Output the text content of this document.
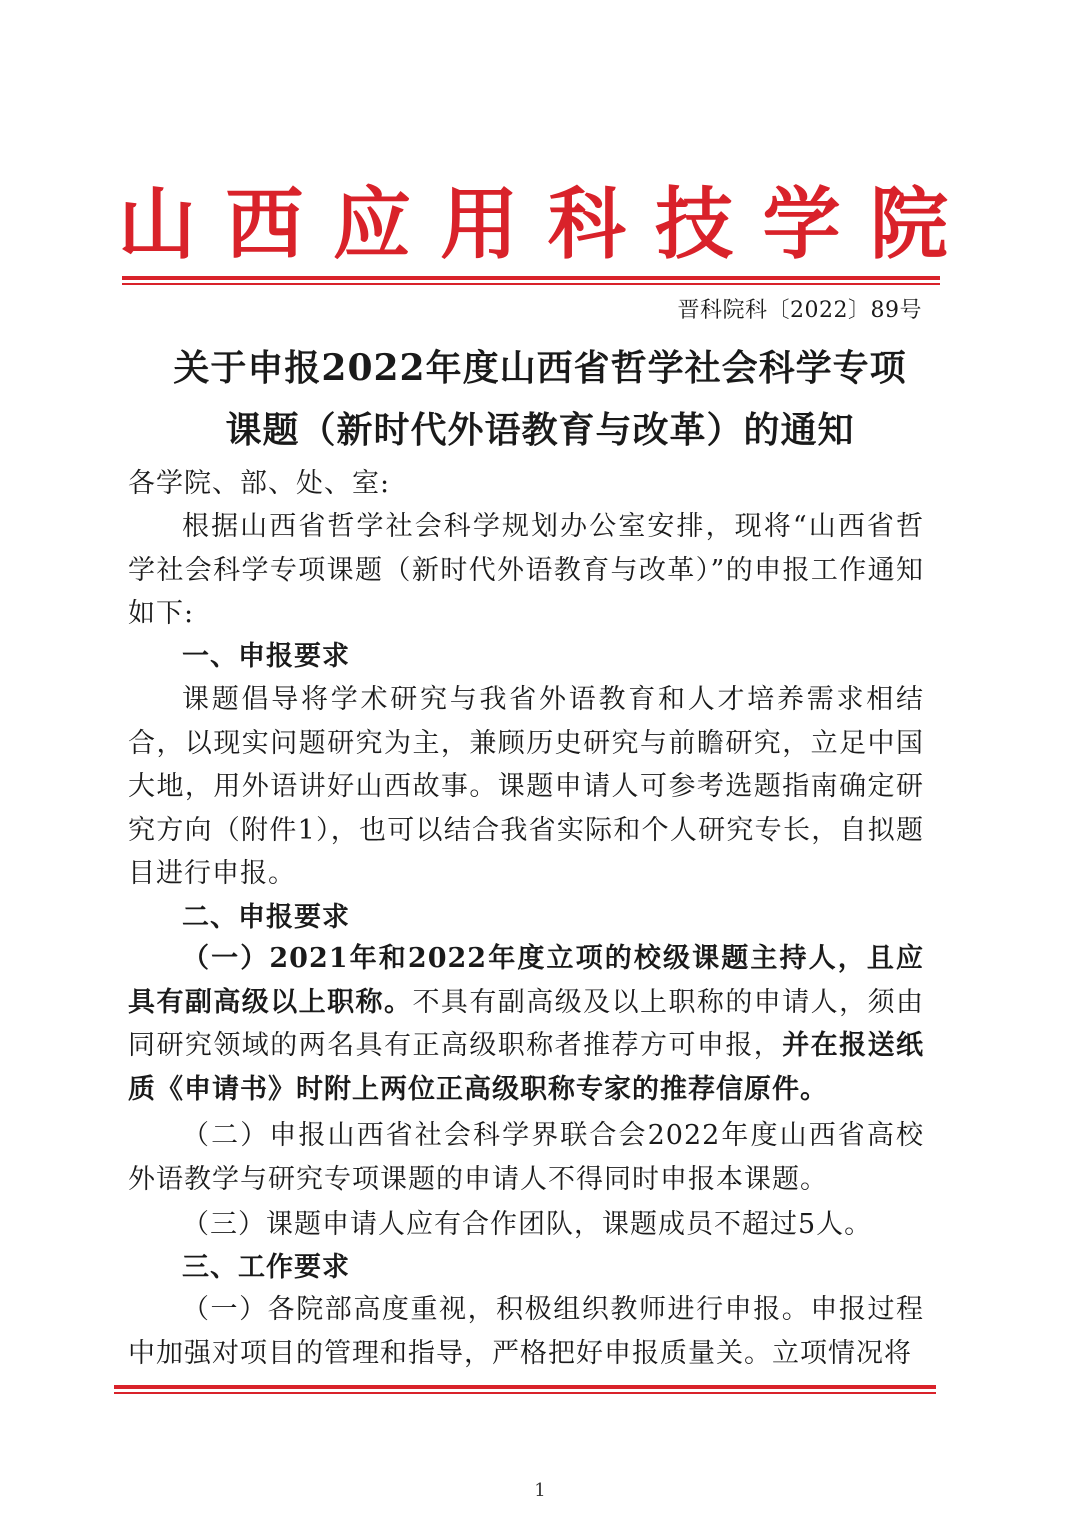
山 西 应 用 科 技 学 院
晋科院科〔2022〕89号
关于申报2022年度山西省哲学社会科学专项
课题（新时代外语教育与改革）的通知
各学院、部、处、室:
根据山西省哲学社会科学规划办公室安排，现将“山西省哲学社会科学专项课题（新时代外语教育与改革）”的申报工作通知如下:
一、申报要求
课题倡导将学术研究与我省外语教育和人才培养需求相结合，以现实问题研究为主，兼顾历史研究与前瞻研究，立足中国大地，用外语讲好山西故事。课题申请人可参考选题指南确定研究方向（附件1），也可以结合我省实际和个人研究专长，自拟题目进行申报。
二、申报要求
（一）2021年和2022年度立项的校级课题主持人，且应具有副高级以上职称。不具有副高级及以上职称的申请人，须由同研究领域的两名具有正高级职称者推荐方可申报，并在报送纸质《申请书》时附上两位正高级职称专家的推荐信原件。
（二）申报山西省社会科学界联合会2022年度山西省高校外语教学与研究专项课题的申请人不得同时申报本课题。
（三）课题申请人应有合作团队，课题成员不超过5人。
三、工作要求
（一）各院部高度重视，积极组织教师进行申报。申报过程中加强对项目的管理和指导，严格把好申报质量关。立项情况将
1
